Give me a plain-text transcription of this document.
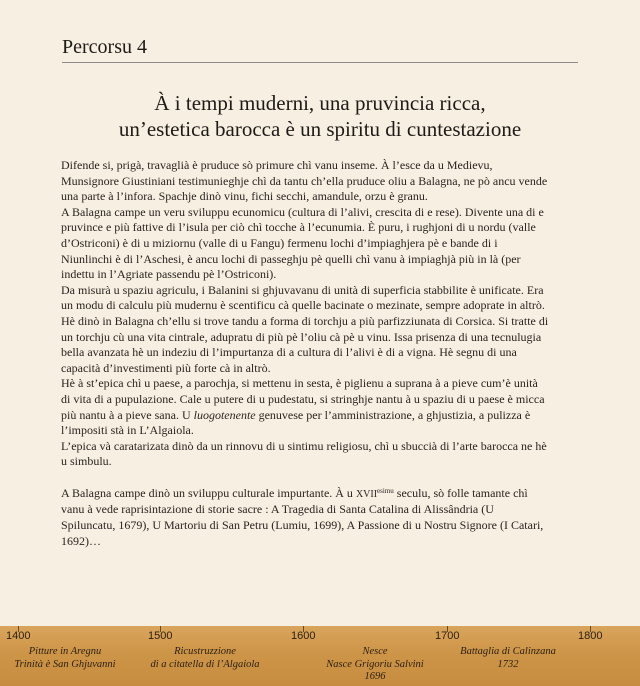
Percorsu 4
À i tempi muderni, una pruvincia ricca,
un’estetica barocca è un spiritu di cuntestazione

Difende si, prigà, travaglià è pruduce sò primure chì vanu inseme. À l’esce da u Medievu, Munsignore Giustiniani testimunieghje chì da tantu ch’ella pruduce oliu a Balagna, ne pò ancu vende una parte à l’infora. Spachje dinò vinu, fichi secchi, amandule, orzu è granu.

A Balagna campe un veru sviluppu ecunomicu (cultura di l’alivi, crescita di e rese). Divente una di e pruvince e più fattive di l’isula per ciò chì tocche à l’ecunumia. È puru, i rughjoni di u nordu (valle d’Ostriconi) è di u miziornu (valle di u Fangu) fermenu lochi d’impiaghjera pè e bande di i Niunlinchi è di l’Aschesi, è ancu lochi di passeghju pè quelli chì vanu à impiaghjà più in là (per indettu in l’Agriate passendu pè l’Ostriconi).

Da misurà u spaziu agriculu, i Balanini si ghjuvavanu di unità di superficia stabbilite è unificate. Era un modu di calculu più mudernu è scentificu cà quelle bacinate o mezinate, sempre adoprate in altrò. Hè dinò in Balagna ch’ellu si trove tandu a forma di torchju a più parfizziunata di Corsica. Si tratte di un torchju cù una vita cintrale, adupratu di più pè l’oliu cà pè u vinu. Issa prisenza di una tecnulugia bella avanzata hè un indeziu di l’impurtanza di a cultura di l’alivi è di a vigna. Hè segnu di una capacità d’investimenti più forte cà in altrò.

Hè à st’epica chì u paese, a parochja, si mettenu in sesta, è piglienu a suprana à a pieve cum’è unità di vita di a pupulazione. Cale u putere di u pudestatu, si stringhje nantu à u spaziu di u paese è micca più nantu à a pieve sana. U luogotenente genuvese per l’amministrazione, a ghjustizia, a pulizza è l’impositi stà in L’Algaiola.

L’epica và caratarizata dinò da un rinnovu di u sintimu religiosu, chì u sbuccià di l’arte barocca ne hè u simbulu.

A Balagna campe dinò un sviluppu culturale impurtante. À u $XVII^{esimu}$ seculu, sò folle tamante chì vanu à vede raprisintazione di storie sacre : A Tragedia di Santa Catalina di Alissândria (U Spiluncatu, 1679), U Martoriu di San Petru (Lumiu, 1699), A Passione di u Nostru Signore (I Catari, 1692)…

1400	1500	1600	1700	1800
Pitture in Aregnu
Trinità è San Ghjuvanni
Ricustruzzione
di a citatella di l’Algaiola
Nesce
Nasce Grigoriu Salvini
1696
Battaglia di Calinzana
1732
